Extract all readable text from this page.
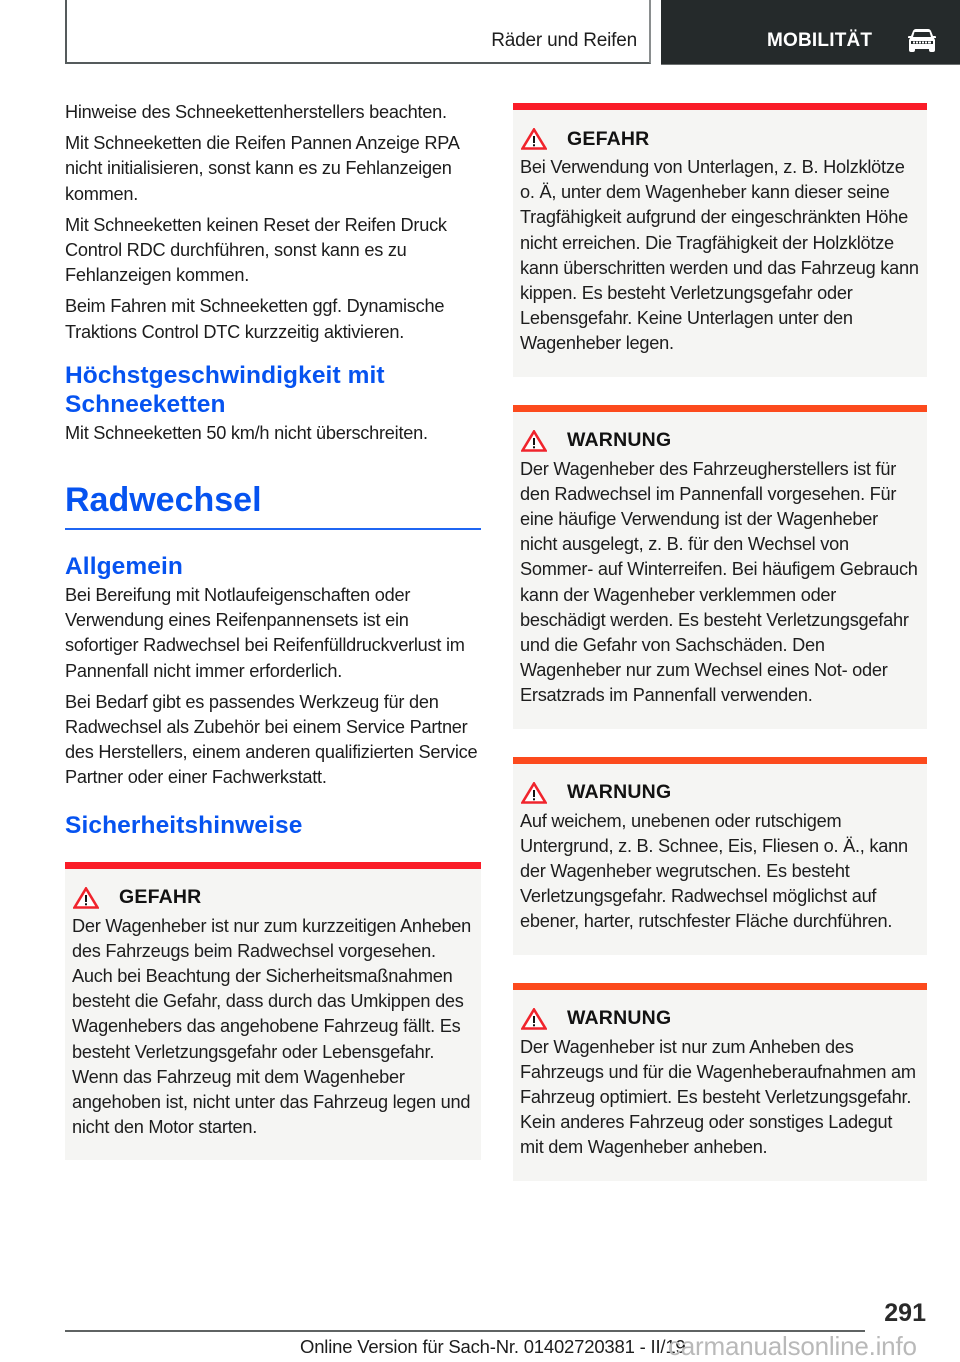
Räder und Reifen	MOBILITÄT

Hinweise des Schneekettenherstellers beachten.

Mit Schneeketten die Reifen Pannen Anzeige RPA nicht initialisieren, sonst kann es zu Fehlanzeigen kommen.

Mit Schneeketten keinen Reset der Reifen Druck Control RDC durchführen, sonst kann es zu Fehlanzeigen kommen.

Beim Fahren mit Schneeketten ggf. Dynamische Traktions Control DTC kurzzeitig aktivieren.

Höchstgeschwindigkeit mit Schneeketten

Mit Schneeketten 50 km/h nicht überschreiten.

Radwechsel
Allgemein

Bei Bereifung mit Notlaufeigenschaften oder Verwendung eines Reifenpannensets ist ein sofortiger Radwechsel bei Reifenfülldruckverlust im Pannenfall nicht immer erforderlich.

Bei Bedarf gibt es passendes Werkzeug für den Radwechsel als Zubehör bei einem Service Partner des Herstellers, einem anderen qualifizierten Service Partner oder einer Fachwerkstatt.

Sicherheitshinweise
GEFAHR

Der Wagenheber ist nur zum kurzzeitigen Anheben des Fahrzeugs beim Radwechsel vorgesehen. Auch bei Beachtung der Sicherheitsmaßnahmen besteht die Gefahr, dass durch das Umkippen des Wagenhebers das angehobene Fahrzeug fällt. Es besteht Verletzungsgefahr oder Lebensgefahr. Wenn das Fahrzeug mit dem Wagenheber angehoben ist, nicht unter das Fahrzeug legen und nicht den Motor starten.

GEFAHR

Bei Verwendung von Unterlagen, z. B. Holzklötze o. Ä, unter dem Wagenheber kann dieser seine Tragfähigkeit aufgrund der eingeschränkten Höhe nicht erreichen. Die Tragfähigkeit der Holzklötze kann überschritten werden und das Fahrzeug kann kippen. Es besteht Verletzungsgefahr oder Lebensgefahr. Keine Unterlagen unter den Wagenheber legen.

WARNUNG

Der Wagenheber des Fahrzeugherstellers ist für den Radwechsel im Pannenfall vorgesehen. Für eine häufige Verwendung ist der Wagenheber nicht ausgelegt, z. B. für den Wechsel von Sommer- auf Winterreifen. Bei häufigem Gebrauch kann der Wagenheber verklemmen oder beschädigt werden. Es besteht Verletzungsgefahr und die Gefahr von Sachschäden. Den Wagenheber nur zum Wechsel eines Not- oder Ersatzrads im Pannenfall verwenden.

WARNUNG

Auf weichem, unebenen oder rutschigem Untergrund, z. B. Schnee, Eis, Fliesen o. Ä., kann der Wagenheber wegrutschen. Es besteht Verletzungsgefahr. Radwechsel möglichst auf ebener, harter, rutschfester Fläche durchführen.

WARNUNG

Der Wagenheber ist nur zum Anheben des Fahrzeugs und für die Wagenheberaufnahmen am Fahrzeug optimiert. Es besteht Verletzungsgefahr. Kein anderes Fahrzeug oder sonstiges Ladegut mit dem Wagenheber anheben.

291
Online Version für Sach-Nr. 01402720381 - II/19
carmanualsonline.info
